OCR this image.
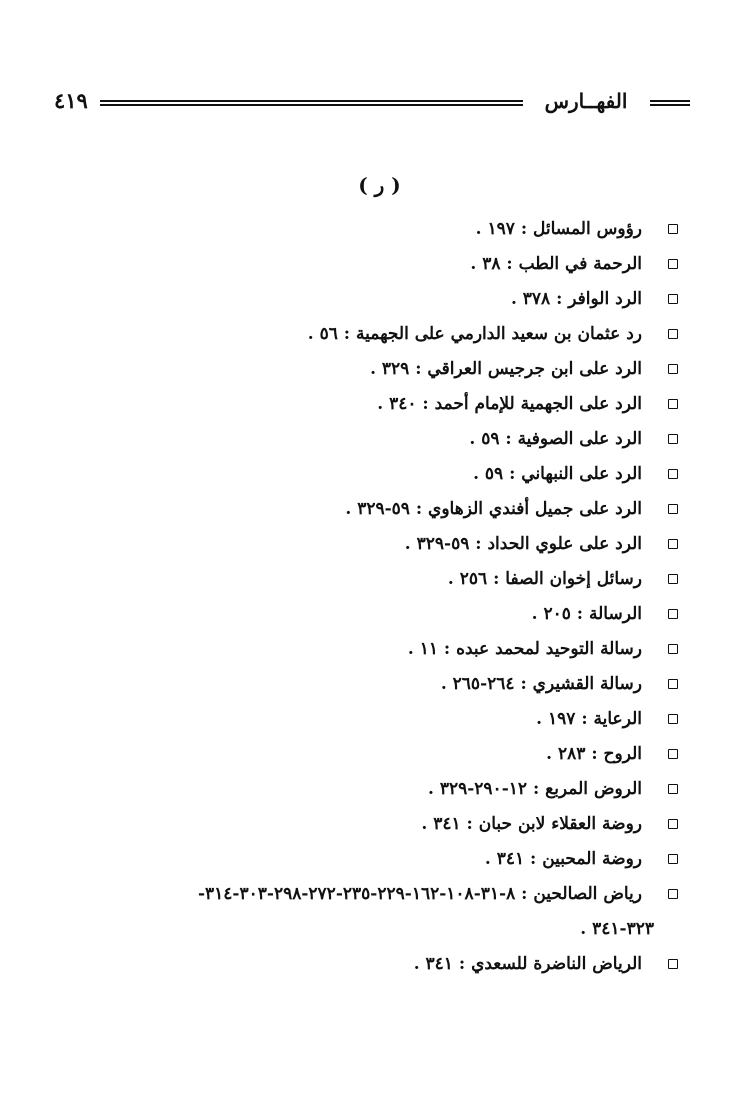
٤١٩	الفهــارس
( ر )
رؤوس المسائل : ١٩٧ .
الرحمة في الطب : ٣٨ .
الرد الوافر : ٣٧٨ .
رد عثمان بن سعيد الدارمي على الجهمية : ٥٦ .
الرد على ابن جرجيس العراقي : ٣٢٩ .
الرد على الجهمية للإمام أحمد : ٣٤٠ .
الرد على الصوفية : ٥٩ .
الرد على النبهاني : ٥٩ .
الرد على جميل أفندي الزهاوي : ٥٩-٣٢٩ .
الرد على علوي الحداد : ٥٩-٣٢٩ .
رسائل إخوان الصفا : ٢٥٦ .
الرسالة : ٢٠٥ .
رسالة التوحيد لمحمد عبده : ١١ .
رسالة القشيري : ٢٦٤-٢٦٥ .
الرعاية : ١٩٧ .
الروح : ٢٨٣ .
الروض المربع : ١٢-٢٩٠-٣٢٩ .
روضة العقلاء لابن حبان : ٣٤١ .
روضة المحبين : ٣٤١ .
رياض الصالحين : ٨-٣١-١٠٨-١٦٢-٢٢٩-٢٣٥-٢٧٢-٢٩٨-٣٠٣-٣١٤-
٣٢٣-٣٤١ .
الرياض الناضرة للسعدي : ٣٤١ .
